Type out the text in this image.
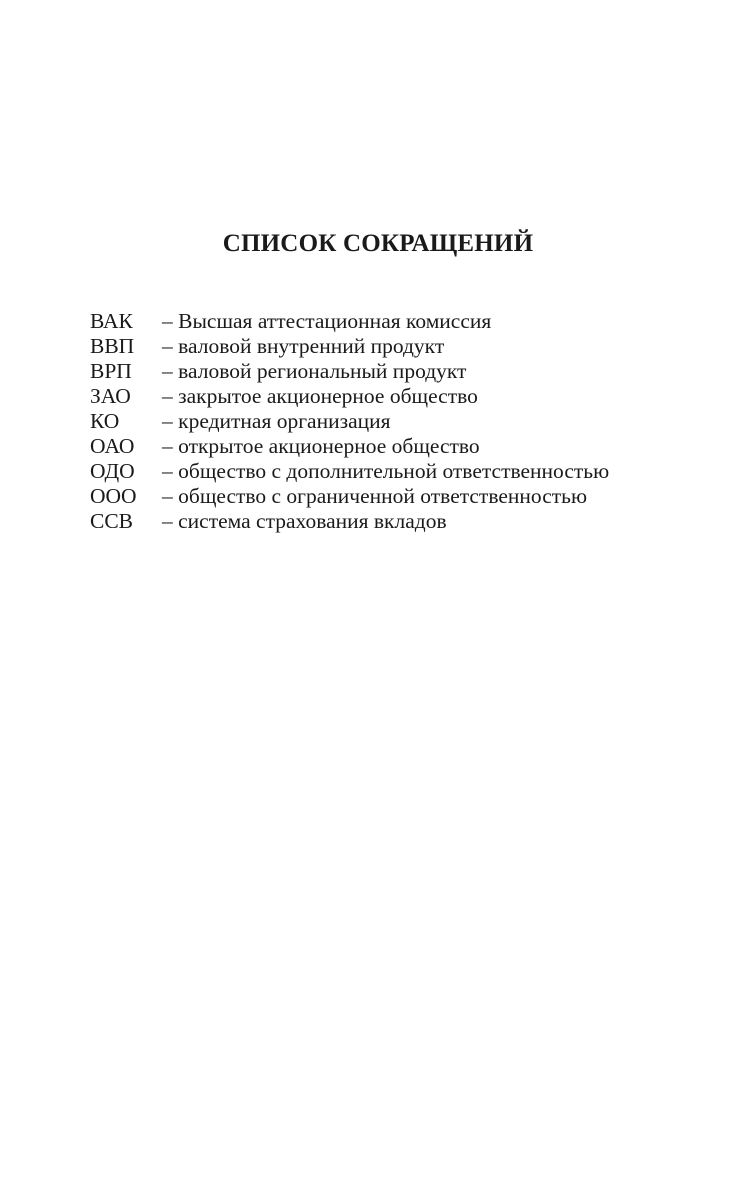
СПИСОК СОКРАЩЕНИЙ
ВАК	– Высшая аттестационная комиссия
ВВП	– валовой внутренний продукт
ВРП	– валовой региональный продукт
ЗАО	– закрытое акционерное общество
КО	– кредитная организация
ОАО	– открытое акционерное общество
ОДО	– общество с дополнительной ответственностью
ООО	– общество с ограниченной ответственностью
ССВ	– система страхования вкладов
